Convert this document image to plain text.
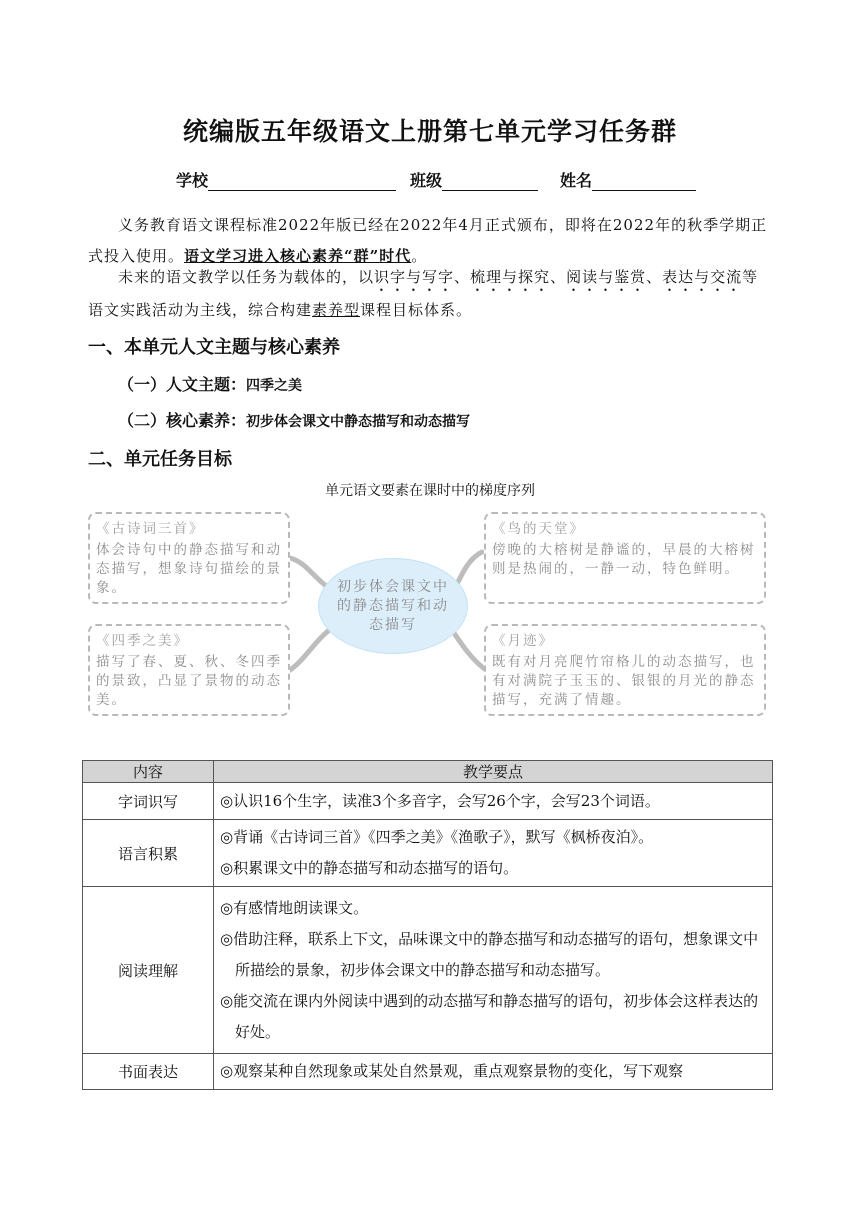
统编版五年级语文上册第七单元学习任务群
学校	班级	姓名
义务教育语文课程标准2022年版已经在2022年4月正式颁布，即将在2022年的秋季学期正式投入使用。语文学习进入核心素养“群”时代。
未来的语文教学以任务为载体的，以识字与写字、梳理与探究、阅读与鉴赏、表达与交流等语文实践活动为主线，综合构建素养型课程目标体系。
一、本单元人文主题与核心素养
（一）人文主题：四季之美
（二）核心素养：初步体会课文中静态描写和动态描写
二、单元任务目标
单元语文要素在课时中的梯度序列
初步体会课文中的静态描写和动态描写
《古诗词三首》
体会诗句中的静态描写和动态描写，想象诗句描绘的景象。
《四季之美》
描写了春、夏、秋、冬四季的景致，凸显了景物的动态美。
《鸟的天堂》
傍晚的大榕树是静谧的，早晨的大榕树则是热闹的，一静一动，特色鲜明。
《月迹》
既有对月亮爬竹帘格儿的动态描写，也有对满院子玉玉的、银银的月光的静态描写，充满了情趣。
内容	教学要点
字词识写	◎认识16个生字，读准3个多音字，会写26个字，会写23个词语。

语言积累	◎背诵《古诗词三首》《四季之美》《渔歌子》，默写《枫桥夜泊》。
◎积累课文中的静态描写和动态描写的语句。

阅读理解	◎有感情地朗读课文。
◎借助注释，联系上下文，品味课文中的静态描写和动态描写的语句，想象课文中所描绘的景象，初步体会课文中的静态描写和动态描写。
◎能交流在课内外阅读中遇到的动态描写和静态描写的语句，初步体会这样表达的好处。

书面表达	◎观察某种自然现象或某处自然景观，重点观察景物的变化，写下观察
